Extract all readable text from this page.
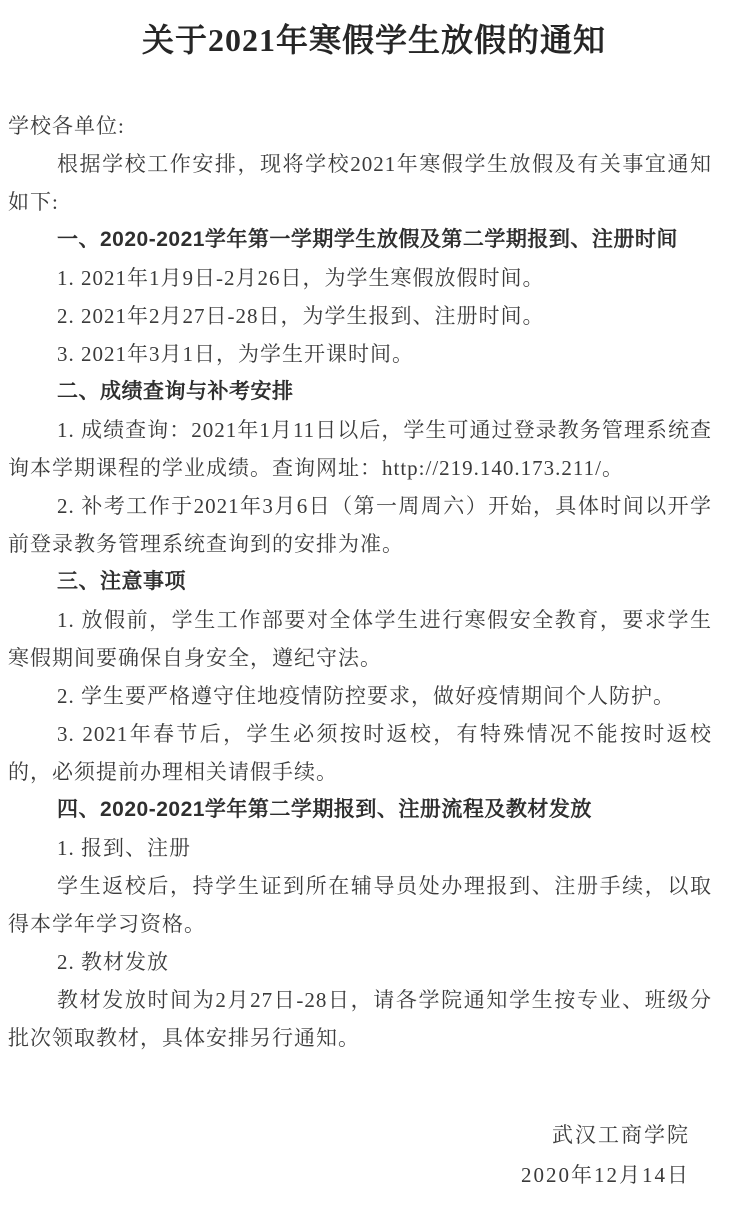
关于2021年寒假学生放假的通知

学校各单位:

根据学校工作安排，现将学校2021年寒假学生放假及有关事宜通知如下:

一、2020-2021学年第一学期学生放假及第二学期报到、注册时间

1. 2021年1月9日-2月26日，为学生寒假放假时间。

2. 2021年2月27日-28日，为学生报到、注册时间。

3. 2021年3月1日，为学生开课时间。

二、成绩查询与补考安排

1. 成绩查询：2021年1月11日以后，学生可通过登录教务管理系统查询本学期课程的学业成绩。查询网址：http://219.140.173.211/。

2. 补考工作于2021年3月6日（第一周周六）开始，具体时间以开学前登录教务管理系统查询到的安排为准。

三、注意事项

1. 放假前，学生工作部要对全体学生进行寒假安全教育，要求学生寒假期间要确保自身安全，遵纪守法。

2. 学生要严格遵守住地疫情防控要求，做好疫情期间个人防护。

3. 2021年春节后，学生必须按时返校，有特殊情况不能按时返校的，必须提前办理相关请假手续。

四、2020-2021学年第二学期报到、注册流程及教材发放

1. 报到、注册

学生返校后，持学生证到所在辅导员处办理报到、注册手续，以取得本学年学习资格。

2. 教材发放

教材发放时间为2月27日-28日，请各学院通知学生按专业、班级分批次领取教材，具体安排另行通知。

武汉工商学院

2020年12月14日
